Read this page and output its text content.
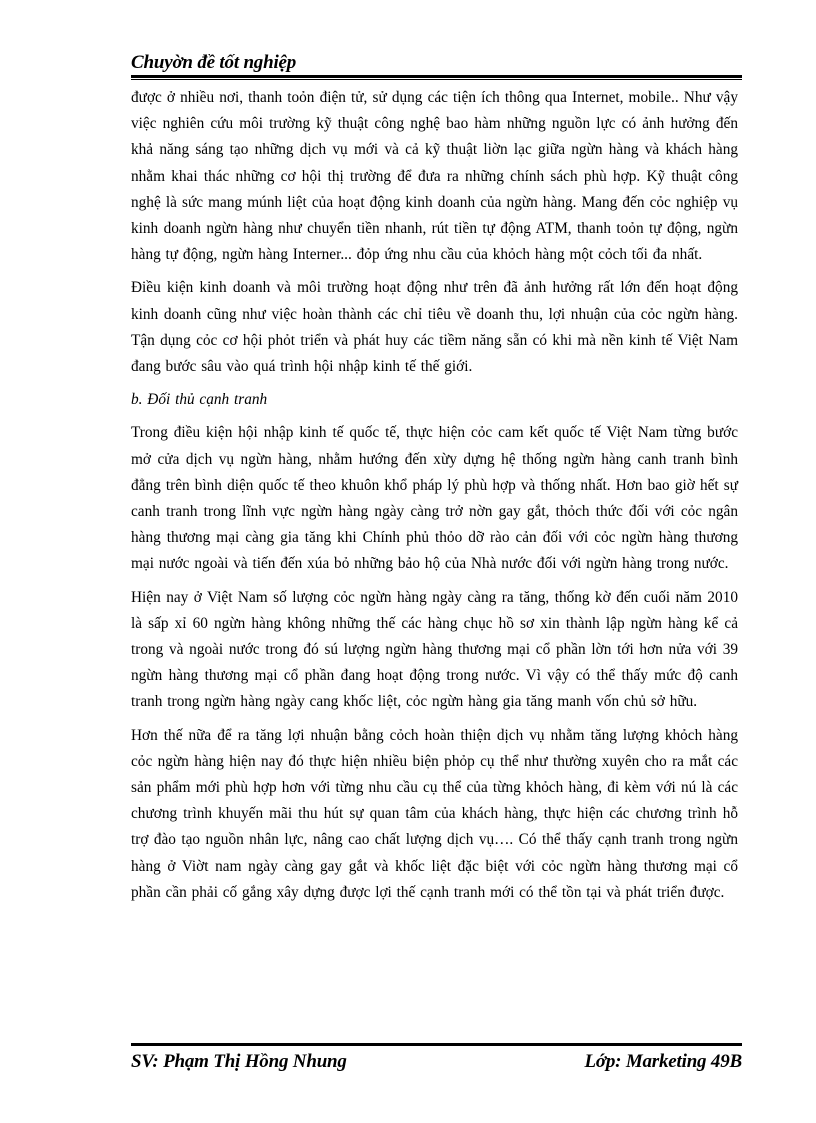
Chuyờn đề tốt nghiệp

được ở nhiều nơi, thanh toỏn điện tử, sử dụng các tiện ích thông qua Internet, mobile.. Như vậy việc nghiên cứu môi trường kỹ thuật công nghệ bao hàm những nguồn lực có ảnh hưởng đến khả năng sáng tạo những dịch vụ mới và cả kỹ thuật liờn lạc giữa ngừn hàng và khách hàng nhằm khai thác những cơ hội thị trường để đưa ra những chính sách phù hợp. Kỹ thuật công nghệ là sức mang múnh liệt của hoạt động kinh doanh của ngừn hàng. Mang đến cỏc nghiệp vụ kinh doanh ngừn hàng như chuyển tiền nhanh, rút tiền tự động ATM, thanh toỏn tự động, ngừn hàng tự động, ngừn hàng Interner... đỏp ứng nhu cầu của khỏch hàng một cỏch tối đa nhất.

Điều kiện kinh doanh và môi trường hoạt động như trên đã ảnh hưởng rất lớn đến hoạt động kinh doanh cũng như việc hoàn thành các chỉ tiêu về doanh thu, lợi nhuận của cỏc ngừn hàng. Tận dụng cỏc cơ hội phỏt triển và phát huy các tiềm năng sẵn có khi mà nền kinh tế Việt Nam đang bước sâu vào quá trình hội nhập kinh tế thế giới.

b. Đối thủ cạnh tranh

Trong điều kiện hội nhập kinh tế quốc tế, thực hiện cỏc cam kết quốc tế Việt Nam từng bước mở cửa dịch vụ ngừn hàng, nhằm hướng đến xừy dựng hệ thống ngừn hàng canh tranh bình đẳng trên bình diện quốc tế theo khuôn khổ pháp lý phù hợp và thống nhất. Hơn bao giờ hết sự canh tranh trong lĩnh vực ngừn hàng ngày càng trở nờn gay gắt, thỏch thức đối với cỏc ngân hàng thương mại càng gia tăng khi Chính phủ thỏo dỡ rào cản đối với cỏc ngừn hàng thương mại nước ngoài và tiến đến xúa bỏ những bảo hộ của Nhà nước đối với ngừn hàng trong nước.

Hiện nay ở Việt Nam số lượng cỏc ngừn hàng ngày càng ra tăng, thống kờ đến cuối năm 2010 là sấp xỉ 60 ngừn hàng không những thế các hàng chục hồ sơ xin thành lập ngừn hàng kể cả trong và ngoài nước trong đó sú lượng ngừn hàng thương mại cổ phần lờn tới hơn nửa với 39 ngừn hàng thương mại cổ phần đang hoạt động trong nước. Vì vậy có thể thấy mức độ canh tranh trong ngừn hàng ngày cang khốc liệt, cỏc ngừn hàng gia tăng manh vốn chủ sở hữu.

Hơn thế nữa để ra tăng lợi nhuận bằng cỏch hoàn thiện dịch vụ nhằm tăng lượng khỏch hàng cỏc ngừn hàng hiện nay đó thực hiện nhiều biện phỏp cụ thể như thường xuyên cho ra mắt các sản phẩm mới phù hợp hơn với từng nhu cầu cụ thể của từng khỏch hàng, đi kèm với nú là các chương trình khuyến mãi thu hút sự quan tâm của khách hàng, thực hiện các chương trình hỗ trợ đào tạo nguồn nhân lực, nâng cao chất lượng dịch vụ…. Có thể thấy cạnh tranh trong ngừn hàng ở Viờt nam ngày càng gay gắt và khốc liệt đặc biệt với cỏc ngừn hàng thương mại cổ phần cần phải cố gắng xây dựng được lợi thế cạnh tranh mới có thể tồn tại và phát triển được.

SV: Phạm Thị Hồng Nhung	Lớp: Marketing 49B
